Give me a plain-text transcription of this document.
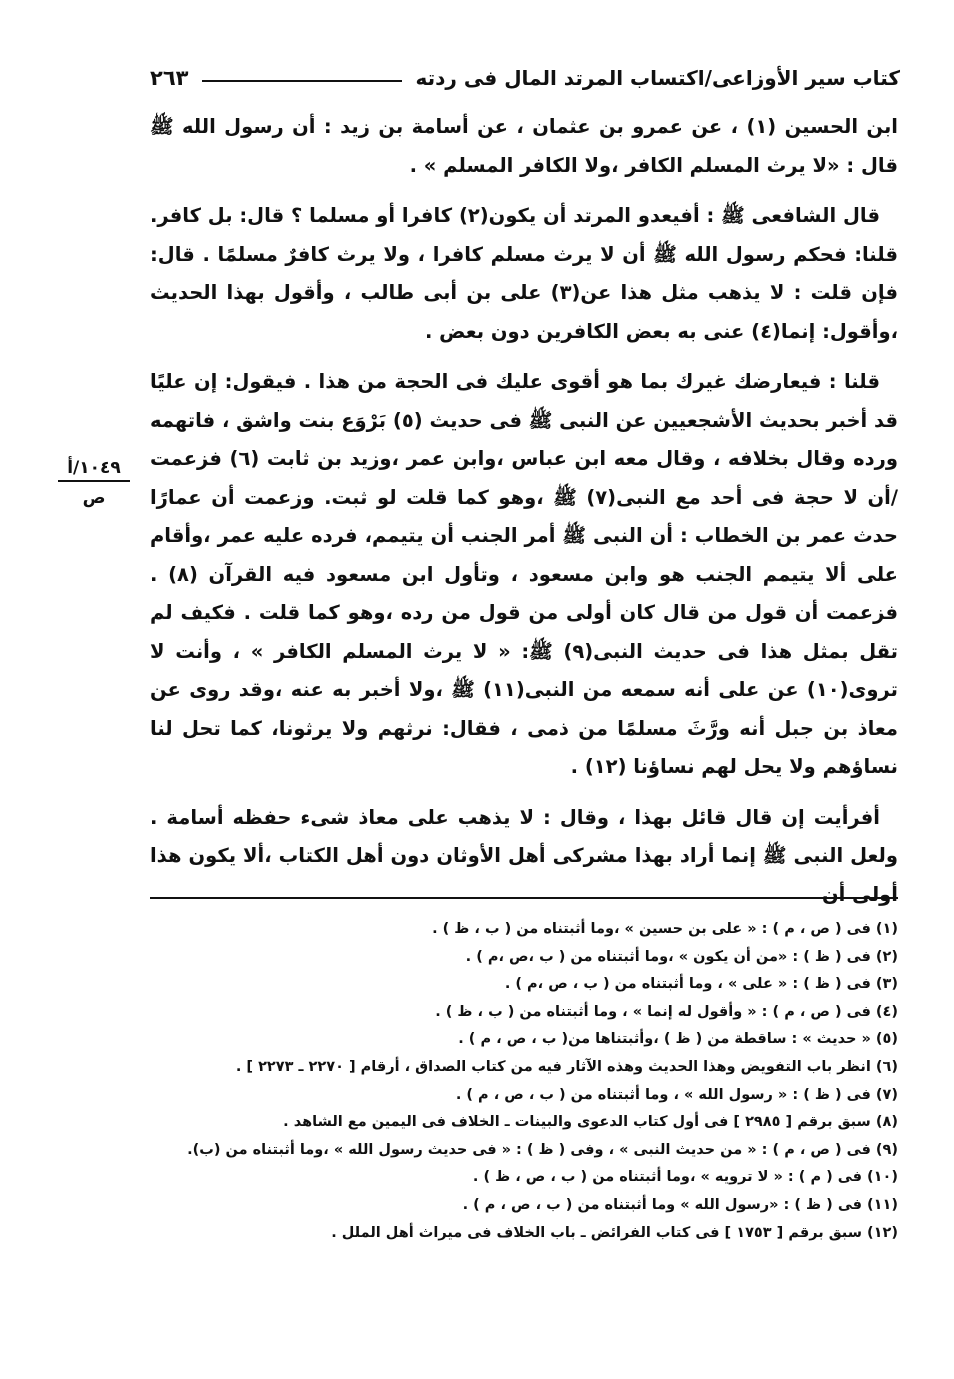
كتاب سير الأوزاعى/اكتساب المرتد المال فى ردته
٢٦٣
١٠٤٩/أ
ص

ابن الحسين (١) ، عن عمرو بن عثمان ، عن أسامة بن زيد : أن رسول الله ﷺ قال : «لا يرث المسلم الكافر ،ولا الكافر المسلم » .

قال الشافعى ﷺ : أفيعدو المرتد أن يكون(٢) كافرا أو مسلما ؟ قال: بل كافر. قلنا: فحكم رسول الله ﷺ أن لا يرث مسلم كافرا ، ولا يرث كافرٌ مسلمًا . قال: فإن قلت : لا يذهب مثل هذا عن(٣) على بن أبى طالب ، وأقول بهذا الحديث ،وأقول: إنما(٤) عنى به بعض الكافرين دون بعض .

قلنا : فيعارضك غيرك بما هو أقوى عليك فى الحجة من هذا . فيقول: إن عليًا قد أخبر بحديث الأشجعيين عن النبى ﷺ فى حديث (٥) بَرْوَع بنت واشق ، فاتهمه ورده وقال بخلافه ، وقال معه ابن عباس ،وابن عمر ،وزيد بن ثابت (٦) فزعمت /أن لا حجة فى أحد مع النبى(٧) ﷺ ،وهو كما قلت لو ثبت. وزعمت أن عمارًا حدث عمر بن الخطاب : أن النبى ﷺ أمر الجنب أن يتيمم، فرده عليه عمر ،وأقام على ألا يتيمم الجنب هو وابن مسعود ، وتأول ابن مسعود فيه القرآن (٨) . فزعمت أن قول من قال كان أولى من قول من رده ،وهو كما قلت . فكيف لم تقل بمثل هذا فى حديث النبى(٩) ﷺ: « لا يرث المسلم الكافر » ، وأنت لا تروى(١٠) عن على أنه سمعه من النبى(١١) ﷺ ،ولا أخبر به عنه ،وقد روى عن معاذ بن جبل أنه ورَّثَ مسلمًا من ذمى ، فقال: نرثهم ولا يرثونا، كما تحل لنا نساؤهم ولا يحل لهم نساؤنا (١٢) .

أفرأيت إن قال قائل بهذا ، وقال : لا يذهب على معاذ شىء حفظه أسامة . ولعل النبى ﷺ إنما أراد بهذا مشركى أهل الأوثان دون أهل الكتاب ،ألا يكون هذا أولى أن

(١) فى ( ص ، م ) : « على بن حسين » ،وما أثبتناه من ( ب ، ظ ) .
(٢) فى ( ظ ) : «من أن يكون » ،وما أثبتناه من ( ب ،ص ،م ) .
(٣) فى ( ظ ) : « على » ، وما أثبتناه من ( ب ، ص ،م ) .
(٤) فى ( ص ، م ) : « وأقول له إنما » ، وما أثبتناه من ( ب ، ظ ) .
(٥) « حديث » : ساقطة من ( ظ ) ،وأثبتناها من( ب ، ص ، م ) .
(٦) انظر باب التفويض وهذا الحديث وهذه الآثار فيه من كتاب الصداق ، أرقام [ ٢٢٧٠ ـ ٢٢٧٣ ] .
(٧) فى ( ظ ) : « رسول الله » ، وما أثبتناه من ( ب ، ص ، م ) .
(٨) سبق برقم [ ٢٩٨٥ ] فى أول كتاب الدعوى والبينات ـ الخلاف فى اليمين مع الشاهد .
(٩) فى ( ص ، م ) : « من حديث النبى » ، وفى ( ظ ) : « فى حديث رسول الله » ،وما أثبتناه من (ب).
(١٠) فى ( م ) : « لا ترويه » ،وما أثبتناه من ( ب ، ص ، ظ ) .
(١١) فى ( ظ ) : «رسول الله » وما أثبتناه من ( ب ، ص ، م ) .
(١٢) سبق برقم [ ١٧٥٣ ] فى كتاب الفرائض ـ باب الخلاف فى ميراث أهل الملل .
